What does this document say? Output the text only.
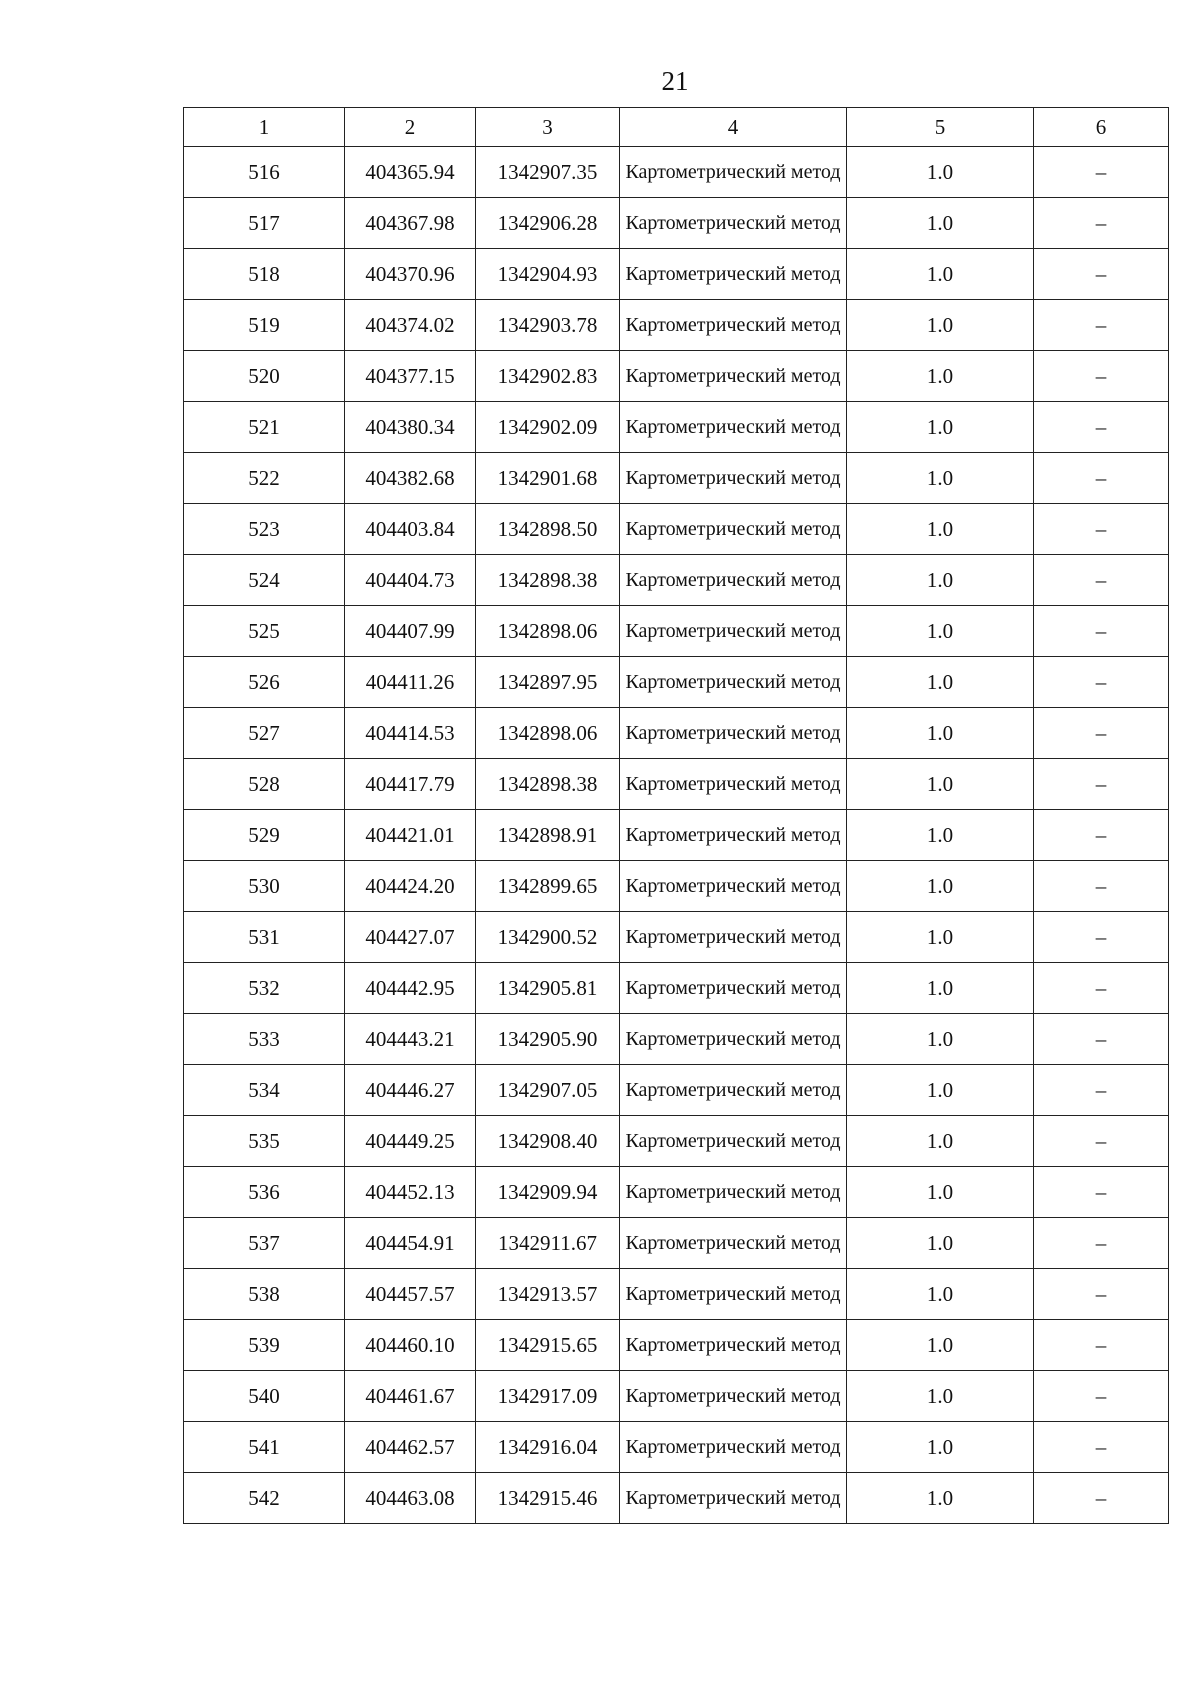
21
1	2	3	4	5	6
516	404365.94	1342907.35	Картометрический метод	1.0	–
517	404367.98	1342906.28	Картометрический метод	1.0	–
518	404370.96	1342904.93	Картометрический метод	1.0	–
519	404374.02	1342903.78	Картометрический метод	1.0	–
520	404377.15	1342902.83	Картометрический метод	1.0	–
521	404380.34	1342902.09	Картометрический метод	1.0	–
522	404382.68	1342901.68	Картометрический метод	1.0	–
523	404403.84	1342898.50	Картометрический метод	1.0	–
524	404404.73	1342898.38	Картометрический метод	1.0	–
525	404407.99	1342898.06	Картометрический метод	1.0	–
526	404411.26	1342897.95	Картометрический метод	1.0	–
527	404414.53	1342898.06	Картометрический метод	1.0	–
528	404417.79	1342898.38	Картометрический метод	1.0	–
529	404421.01	1342898.91	Картометрический метод	1.0	–
530	404424.20	1342899.65	Картометрический метод	1.0	–
531	404427.07	1342900.52	Картометрический метод	1.0	–
532	404442.95	1342905.81	Картометрический метод	1.0	–
533	404443.21	1342905.90	Картометрический метод	1.0	–
534	404446.27	1342907.05	Картометрический метод	1.0	–
535	404449.25	1342908.40	Картометрический метод	1.0	–
536	404452.13	1342909.94	Картометрический метод	1.0	–
537	404454.91	1342911.67	Картометрический метод	1.0	–
538	404457.57	1342913.57	Картометрический метод	1.0	–
539	404460.10	1342915.65	Картометрический метод	1.0	–
540	404461.67	1342917.09	Картометрический метод	1.0	–
541	404462.57	1342916.04	Картометрический метод	1.0	–
542	404463.08	1342915.46	Картометрический метод	1.0	–
